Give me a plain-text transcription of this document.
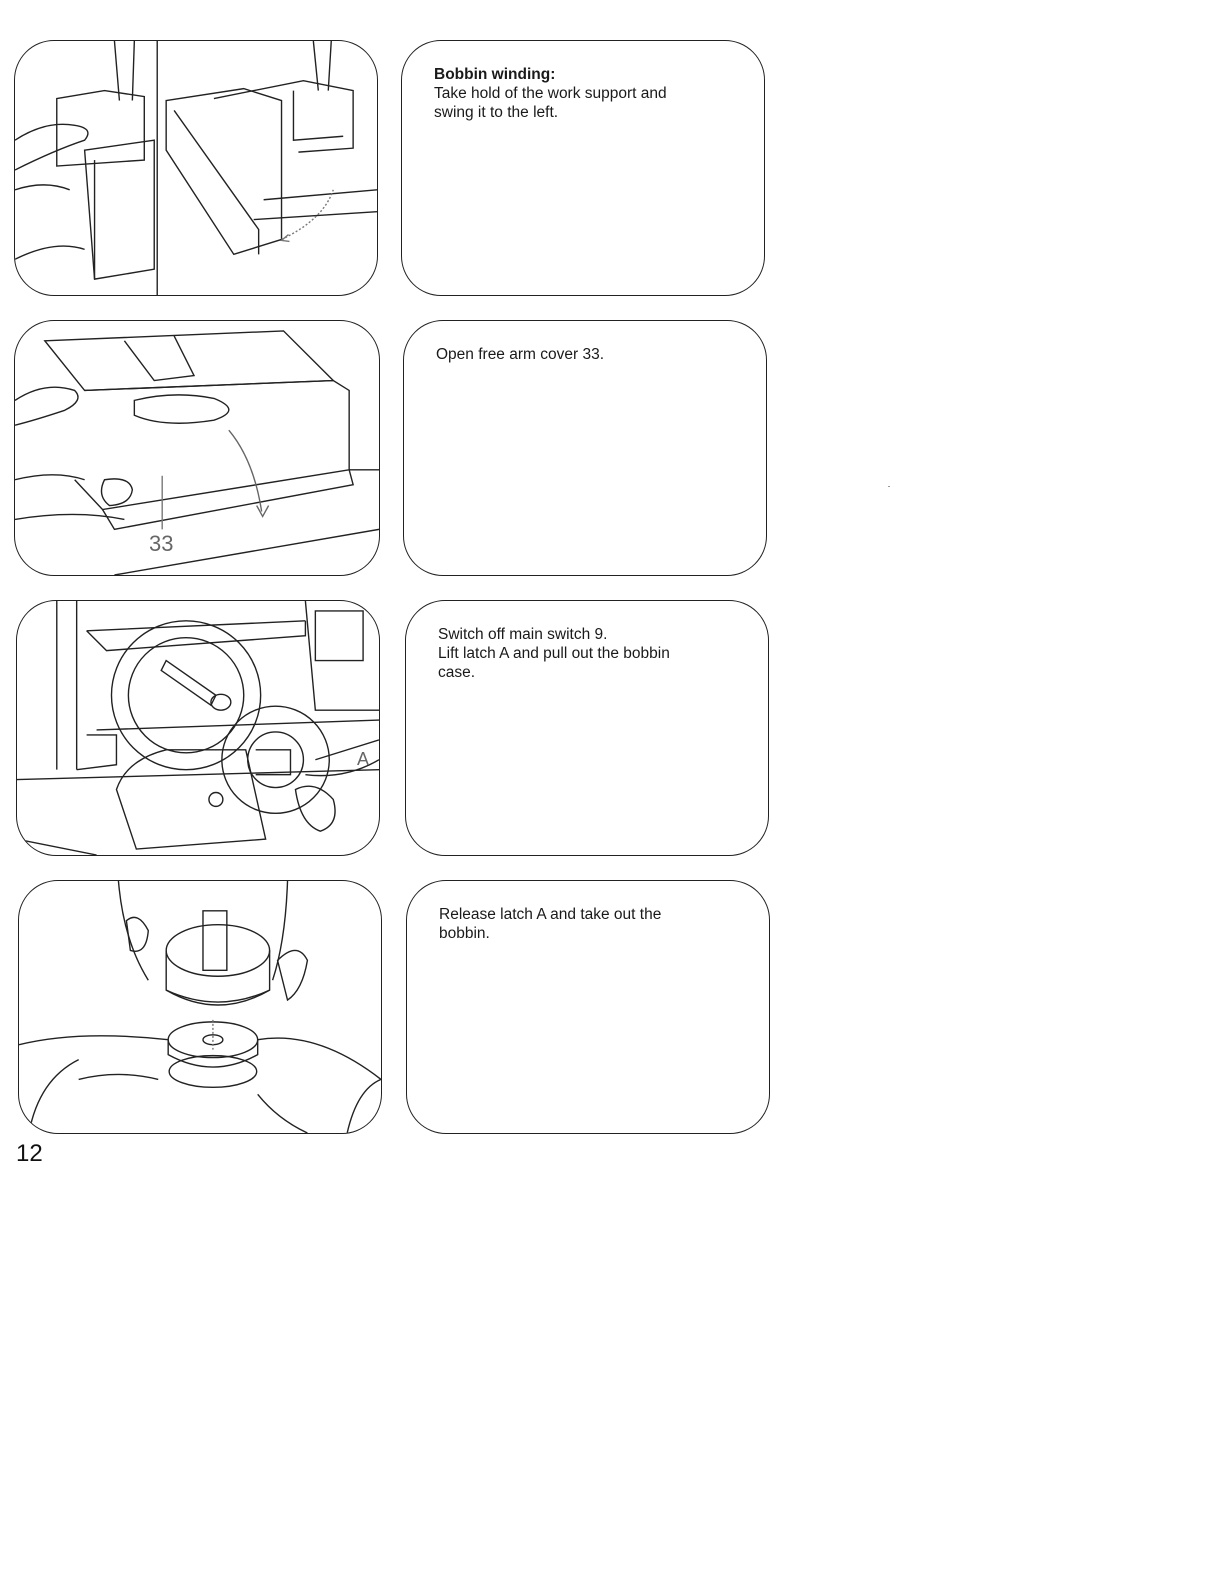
Bobbin winding:
Take hold of the work support and
swing it to the left.
33
Open free arm cover 33.
A
Switch off main switch 9.
Lift latch A and pull out the bobbin
case.
Release latch A and take out the
bobbin.
12
